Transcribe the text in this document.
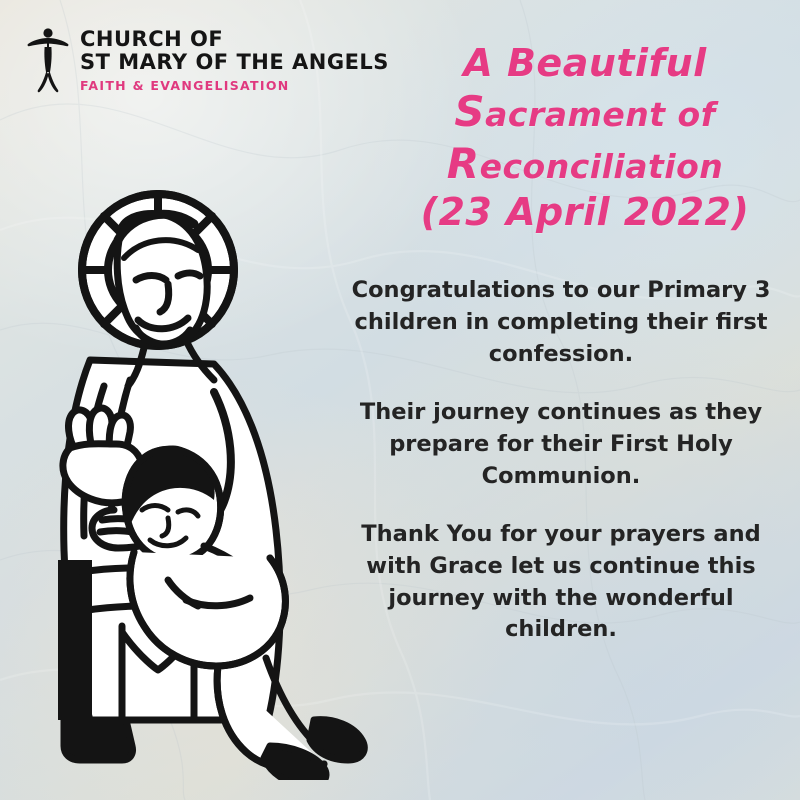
CHURCH OF
ST MARY OF THE ANGELS
FAITH & EVANGELISATION
A Beautiful
Sacrament of
Reconciliation
(23 April 2022)

Congratulations to our Primary 3 children in completing their first confession.

Their journey continues as they prepare for their First Holy Communion.

Thank You for your prayers and with Grace let us continue this journey with the wonderful children.
